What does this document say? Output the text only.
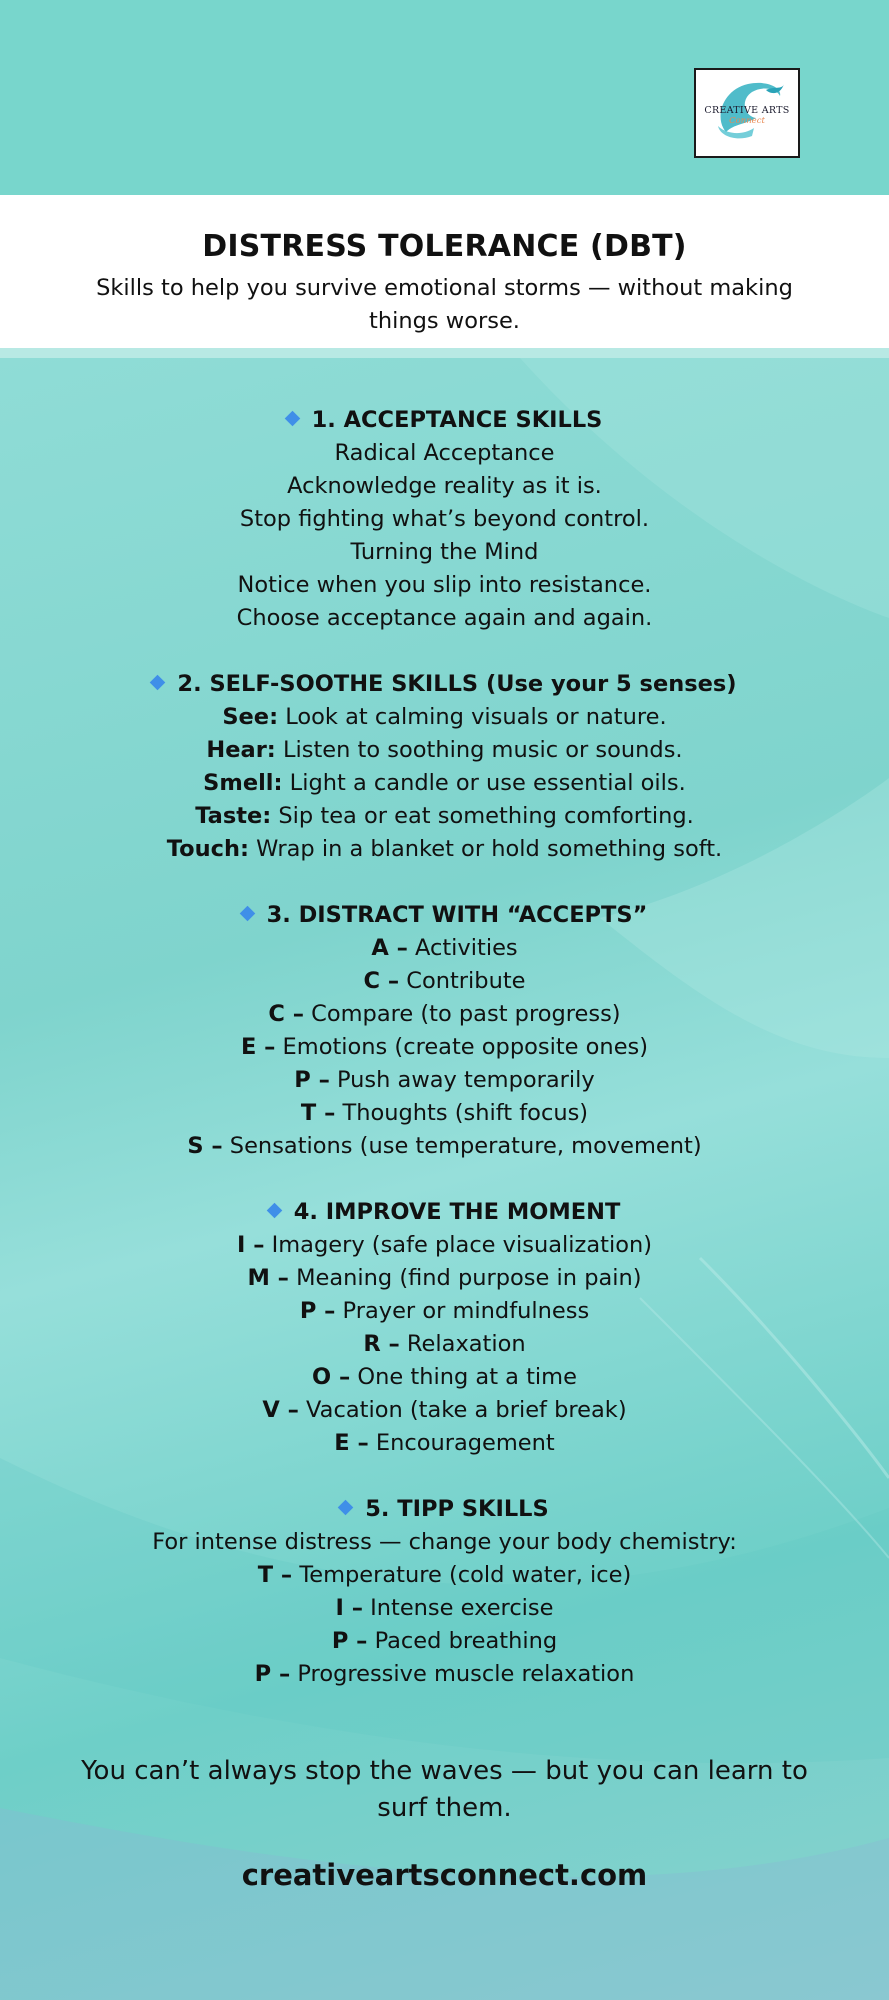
CREATIVE ARTS
Connect
DISTRESS TOLERANCE (DBT)
Skills to help you survive emotional storms — without making things worse.
1. ACCEPTANCE SKILLS
Radical Acceptance
Acknowledge reality as it is.
Stop fighting what’s beyond control.
Turning the Mind
Notice when you slip into resistance.
Choose acceptance again and again.
2. SELF-SOOTHE SKILLS (Use your 5 senses)
See: Look at calming visuals or nature.
Hear: Listen to soothing music or sounds.
Smell: Light a candle or use essential oils.
Taste: Sip tea or eat something comforting.
Touch: Wrap in a blanket or hold something soft.
3. DISTRACT WITH “ACCEPTS”
A – Activities
C – Contribute
C – Compare (to past progress)
E – Emotions (create opposite ones)
P – Push away temporarily
T – Thoughts (shift focus)
S – Sensations (use temperature, movement)
4. IMPROVE THE MOMENT
I – Imagery (safe place visualization)
M – Meaning (find purpose in pain)
P – Prayer or mindfulness
R – Relaxation
O – One thing at a time
V – Vacation (take a brief break)
E – Encouragement
5. TIPP SKILLS
For intense distress — change your body chemistry:
T – Temperature (cold water, ice)
I – Intense exercise
P – Paced breathing
P – Progressive muscle relaxation
You can’t always stop the waves — but you can learn to surf them.
creativeartsconnect.com
